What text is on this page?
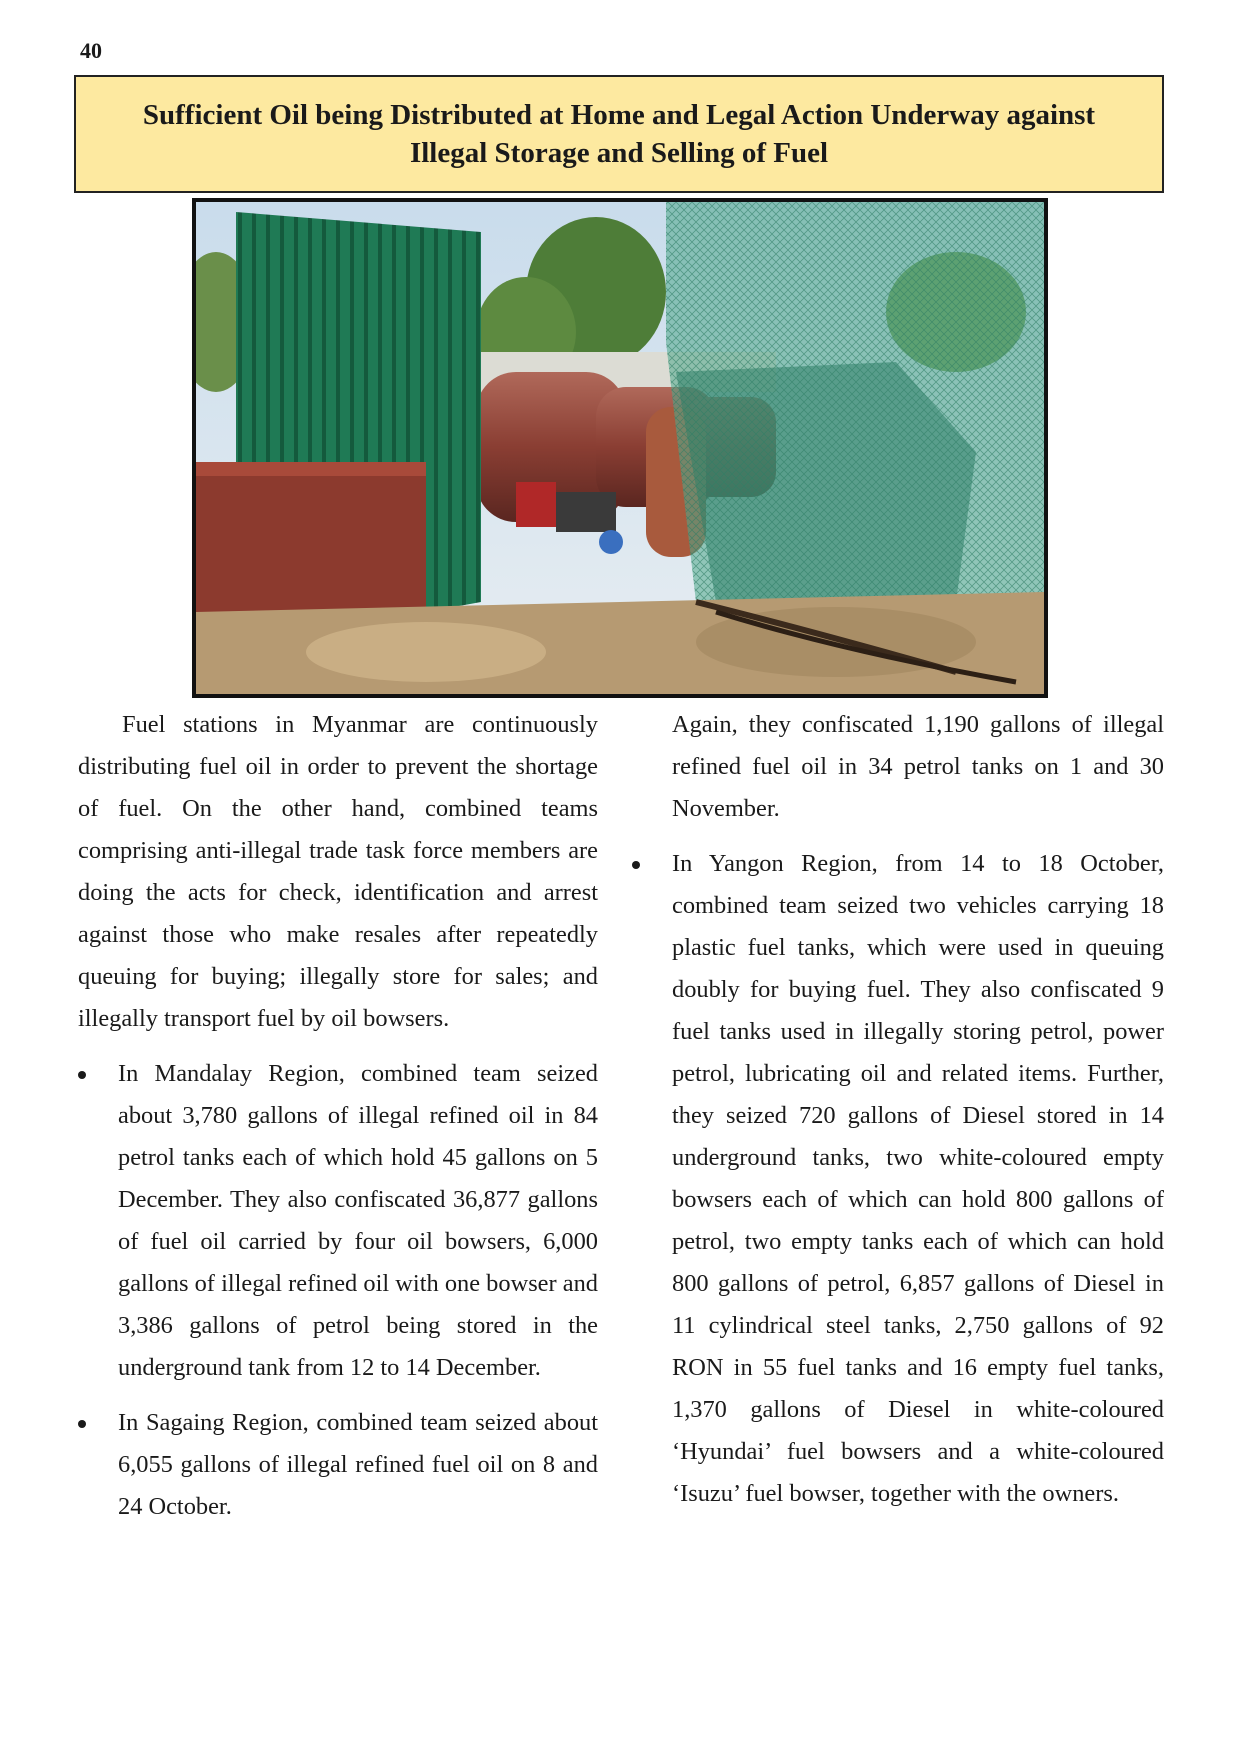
40
Sufficient Oil being Distributed at Home and Legal Action Underway against
Illegal Storage and Selling of Fuel

Fuel stations in Myanmar are continuously distributing fuel oil in order to prevent the shortage of fuel. On the other hand, combined teams comprising anti-illegal trade task force members are doing the acts for check, identification and arrest against those who make resales after repeatedly queuing for buying; illegally store for sales; and illegally transport fuel by oil bowsers.

In Mandalay Region, combined team seized about 3,780 gallons of illegal refined oil in 84 petrol tanks each of which hold 45 gallons on 5 December. They also confiscated 36,877 gallons of fuel oil carried by four oil bowsers, 6,000 gallons of illegal refined oil with one bowser and 3,386 gallons of petrol being stored in the underground tank from 12 to 14 December.
In Sagaing Region, combined team seized about 6,055 gallons of illegal refined fuel oil on 8 and 24 October.

Again, they confiscated 1,190 gallons of illegal refined fuel oil in 34 petrol tanks on 1 and 30 November.

In Yangon Region, from 14 to 18 October, combined team seized two vehicles carrying 18 plastic fuel tanks, which were used in queuing doubly for buying fuel. They also confiscated 9 fuel tanks used in illegally storing petrol, power petrol, lubricating oil and related items. Further, they seized 720 gallons of Diesel stored in 14 underground tanks, two white-coloured empty bowsers each of which can hold 800 gallons of petrol, two empty tanks each of which can hold 800 gallons of petrol, 6,857 gallons of Diesel in 11 cylindrical steel tanks, 2,750 gallons of 92 RON in 55 fuel tanks and 16 empty fuel tanks, 1,370 gallons of Diesel in white-coloured ‘Hyundai’ fuel bowsers and a white-coloured ‘Isuzu’ fuel bowser, together with the owners.
